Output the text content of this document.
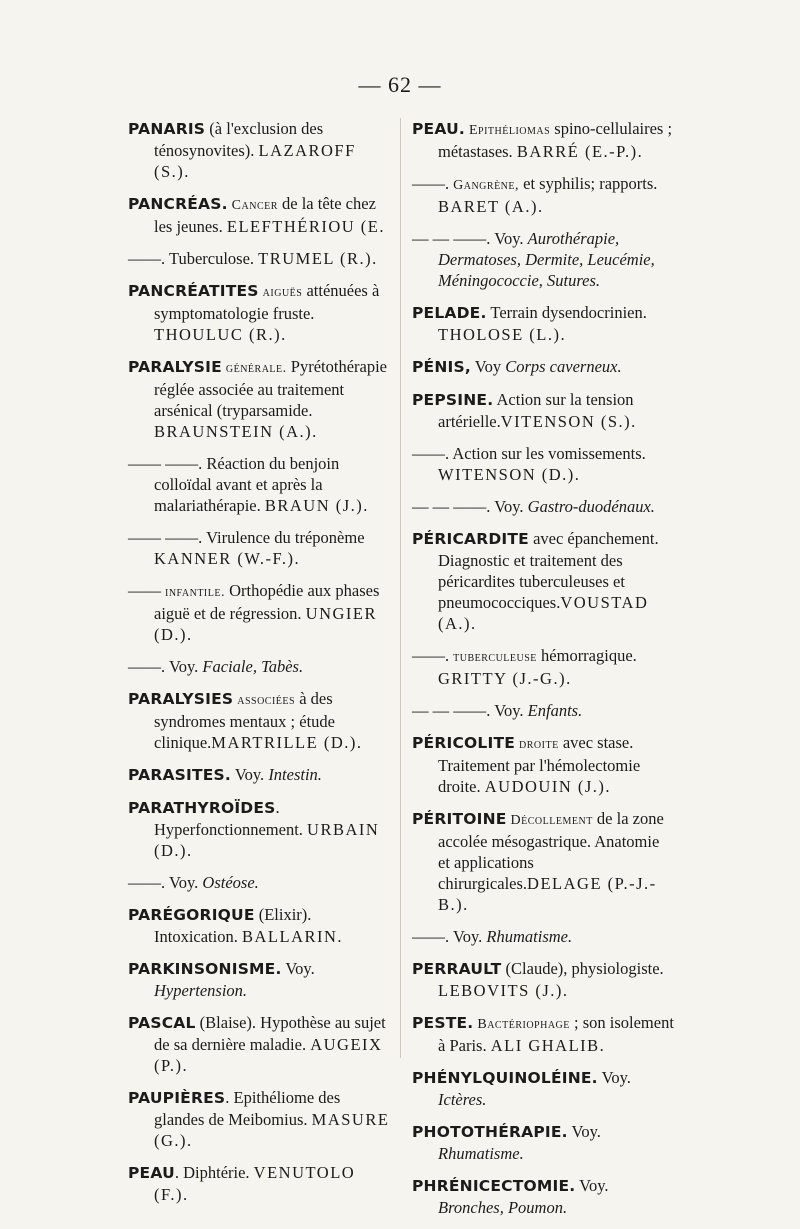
— 62 —
PANARIS (à l'exclusion des ténosynovites). LAZAROFF (S.).
PANCRÉAS. Cancer de la tête chez les jeunes. ELEFTHÉRIOU (E.
——. Tuberculose. TRUMEL (R.).
PANCRÉATITES aiguës atténuées à symptomatologie fruste. THOULUC (R.).
PARALYSIE générale. Pyrétothérapie réglée associée au traitement arsénical (tryparsamide. BRAUNSTEIN (A.).
—— ——. Réaction du benjoin colloïdal avant et après la malariathérapie. BRAUN (J.).
—— ——. Virulence du tréponème KANNER (W.-F.).
—— infantile. Orthopédie aux phases aiguë et de régression. UNGIER (D.).
——. Voy. Faciale, Tabès.
PARALYSIES associées à des syndromes mentaux ; étude clinique.MARTRILLE (D.).
PARASITES. Voy. Intestin.
PARATHYROÏDES. Hyperfonctionnement. URBAIN (D.).
——. Voy. Ostéose.
PARÉGORIQUE (Elixir). Intoxication. BALLARIN.
PARKINSONISME. Voy. Hypertension.
PASCAL (Blaise). Hypothèse au sujet de sa dernière maladie. AUGEIX (P.).
PAUPIÈRES. Epithéliome des glandes de Meibomius. MASURE (G.).
PEAU. Diphtérie. VENUTOLO (F.).
PEAU. Epithéliomas spino-cellulaires ; métastases. BARRÉ (E.-P.).
——. Gangrène, et syphilis; rapports. BARET (A.).
— — ——. Voy. Aurothérapie, Dermatoses, Dermite, Leucémie, Méningococcie, Sutures.
PELADE. Terrain dysendocrinien. THOLOSE (L.).
PÉNIS, Voy Corps caverneux.
PEPSINE. Action sur la tension artérielle.VITENSON (S.).
——. Action sur les vomissements. WITENSON (D.).
— — ——. Voy. Gastro-duodénaux.
PÉRICARDITE avec épanchement. Diagnostic et traitement des péricardites tuberculeuses et pneumococciques.VOUSTAD (A.).
——. tuberculeuse hémorragique. GRITTY (J.-G.).
— — ——. Voy. Enfants.
PÉRICOLITE droite avec stase. Traitement par l'hémolectomie droite. AUDOUIN (J.).
PÉRITOINE Décollement de la zone accolée mésogastrique. Anatomie et applications chirurgicales.DELAGE (P.-J.-B.).
——. Voy. Rhumatisme.
PERRAULT (Claude), physiologiste. LEBOVITS (J.).
PESTE. Bactériophage ; son isolement à Paris. ALI GHALIB.
PHÉNYLQUINOLÉINE. Voy. Ictères.
PHOTOTHÉRAPIE. Voy. Rhumatisme.
PHRÉNICECTOMIE. Voy. Bronches, Poumon.
